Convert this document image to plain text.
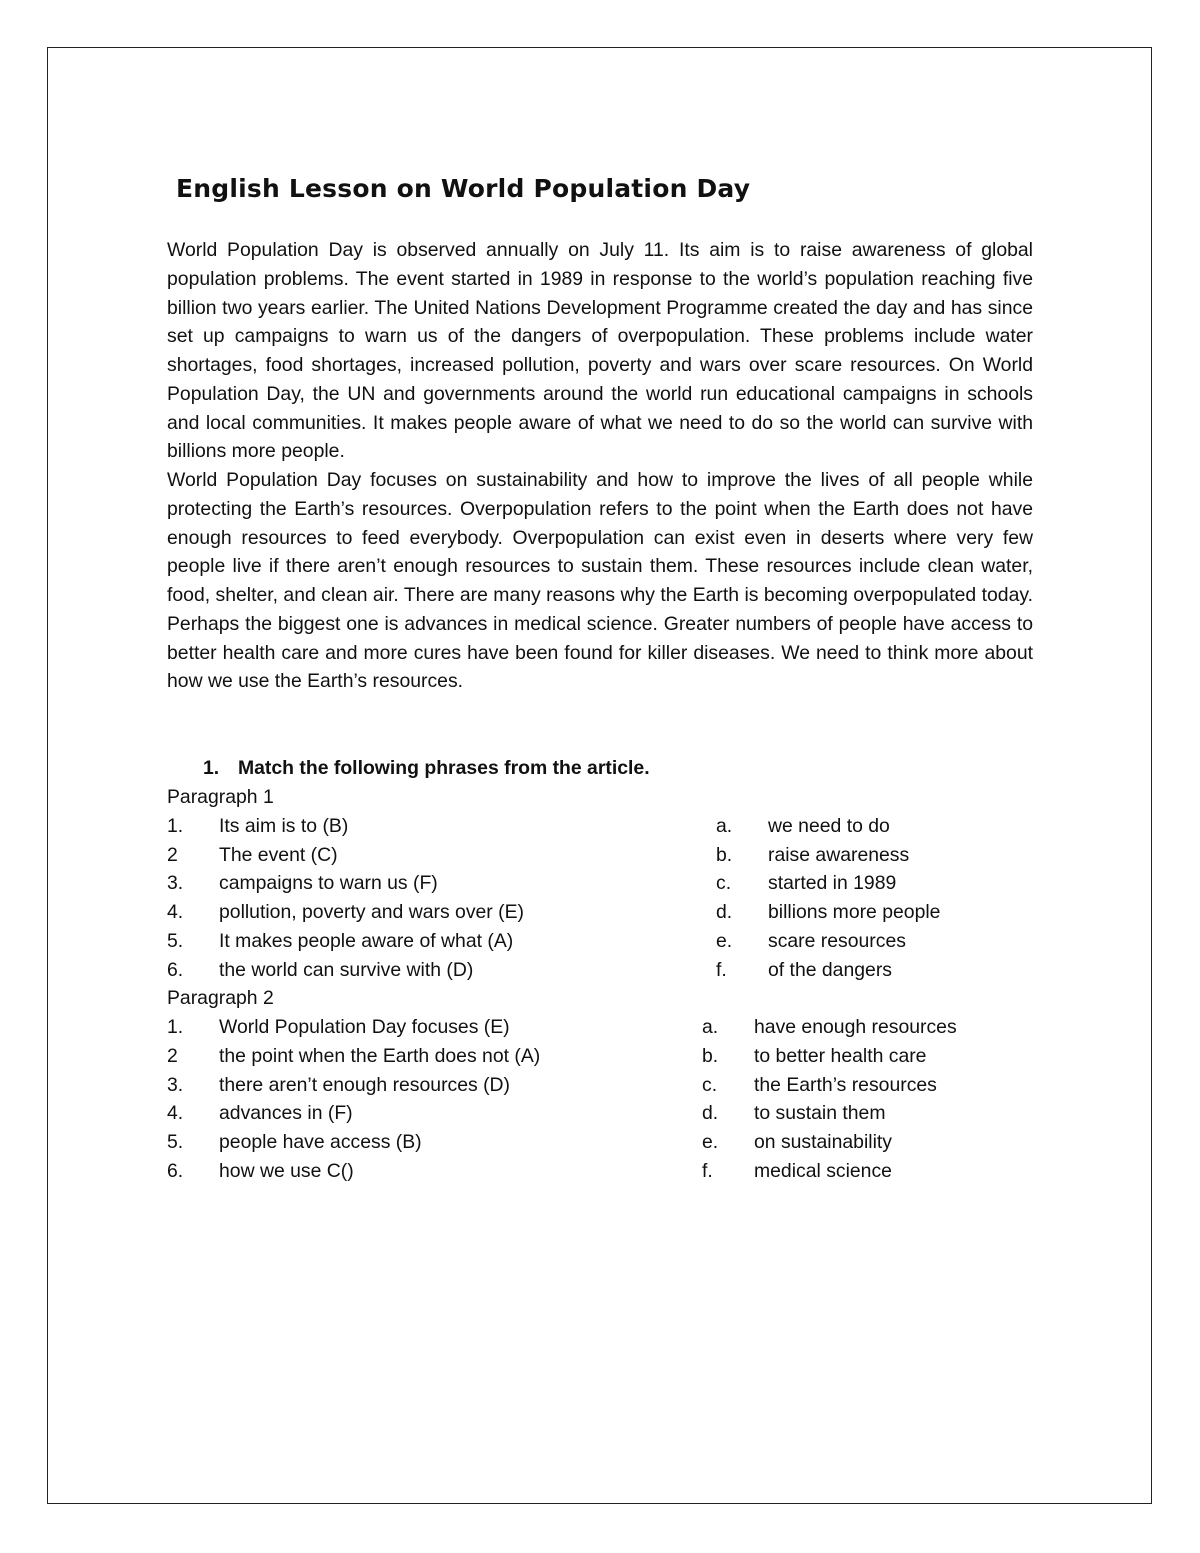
English Lesson on World Population Day

World Population Day is observed annually on July 11. Its aim is to raise awareness of global population problems. The event started in 1989 in response to the world’s population reaching five billion two years earlier. The United Nations Development Programme created the day and has since set up campaigns to warn us of the dangers of overpopulation. These problems include water shortages, food shortages, increased pollution, poverty and wars over scare resources. On World Population Day, the UN and governments around the world run educational campaigns in schools and local communities. It makes people aware of what we need to do so the world can survive with billions more people.

World Population Day focuses on sustainability and how to improve the lives of all people while protecting the Earth’s resources. Overpopulation refers to the point when the Earth does not have enough resources to feed everybody. Overpopulation can exist even in deserts where very few people live if there aren’t enough resources to sustain them. These resources include clean water, food, shelter, and clean air. There are many reasons why the Earth is becoming overpopulated today. Perhaps the biggest one is advances in medical science. Greater numbers of people have access to better health care and more cures have been found for killer diseases. We need to think more about how we use the Earth’s resources.

1. Match the following phrases from the article.

Paragraph 1
1. Its aim is to (B)	a. we need to do
2 The event (C)	b. raise awareness
3. campaigns to warn us (F)	c. started in 1989
4. pollution, poverty and wars over (E)	d. billions more people
5. It makes people aware of what (A)	e. scare resources
6. the world can survive with (D)	f. of the dangers
Paragraph 2
1. World Population Day focuses (E)	a. have enough resources
2 the point when the Earth does not (A)	b. to better health care
3. there aren’t enough resources (D)	c. the Earth’s resources
4. advances in (F)	d. to sustain them
5. people have access (B)	e. on sustainability
6. how we use C()	f. medical science
